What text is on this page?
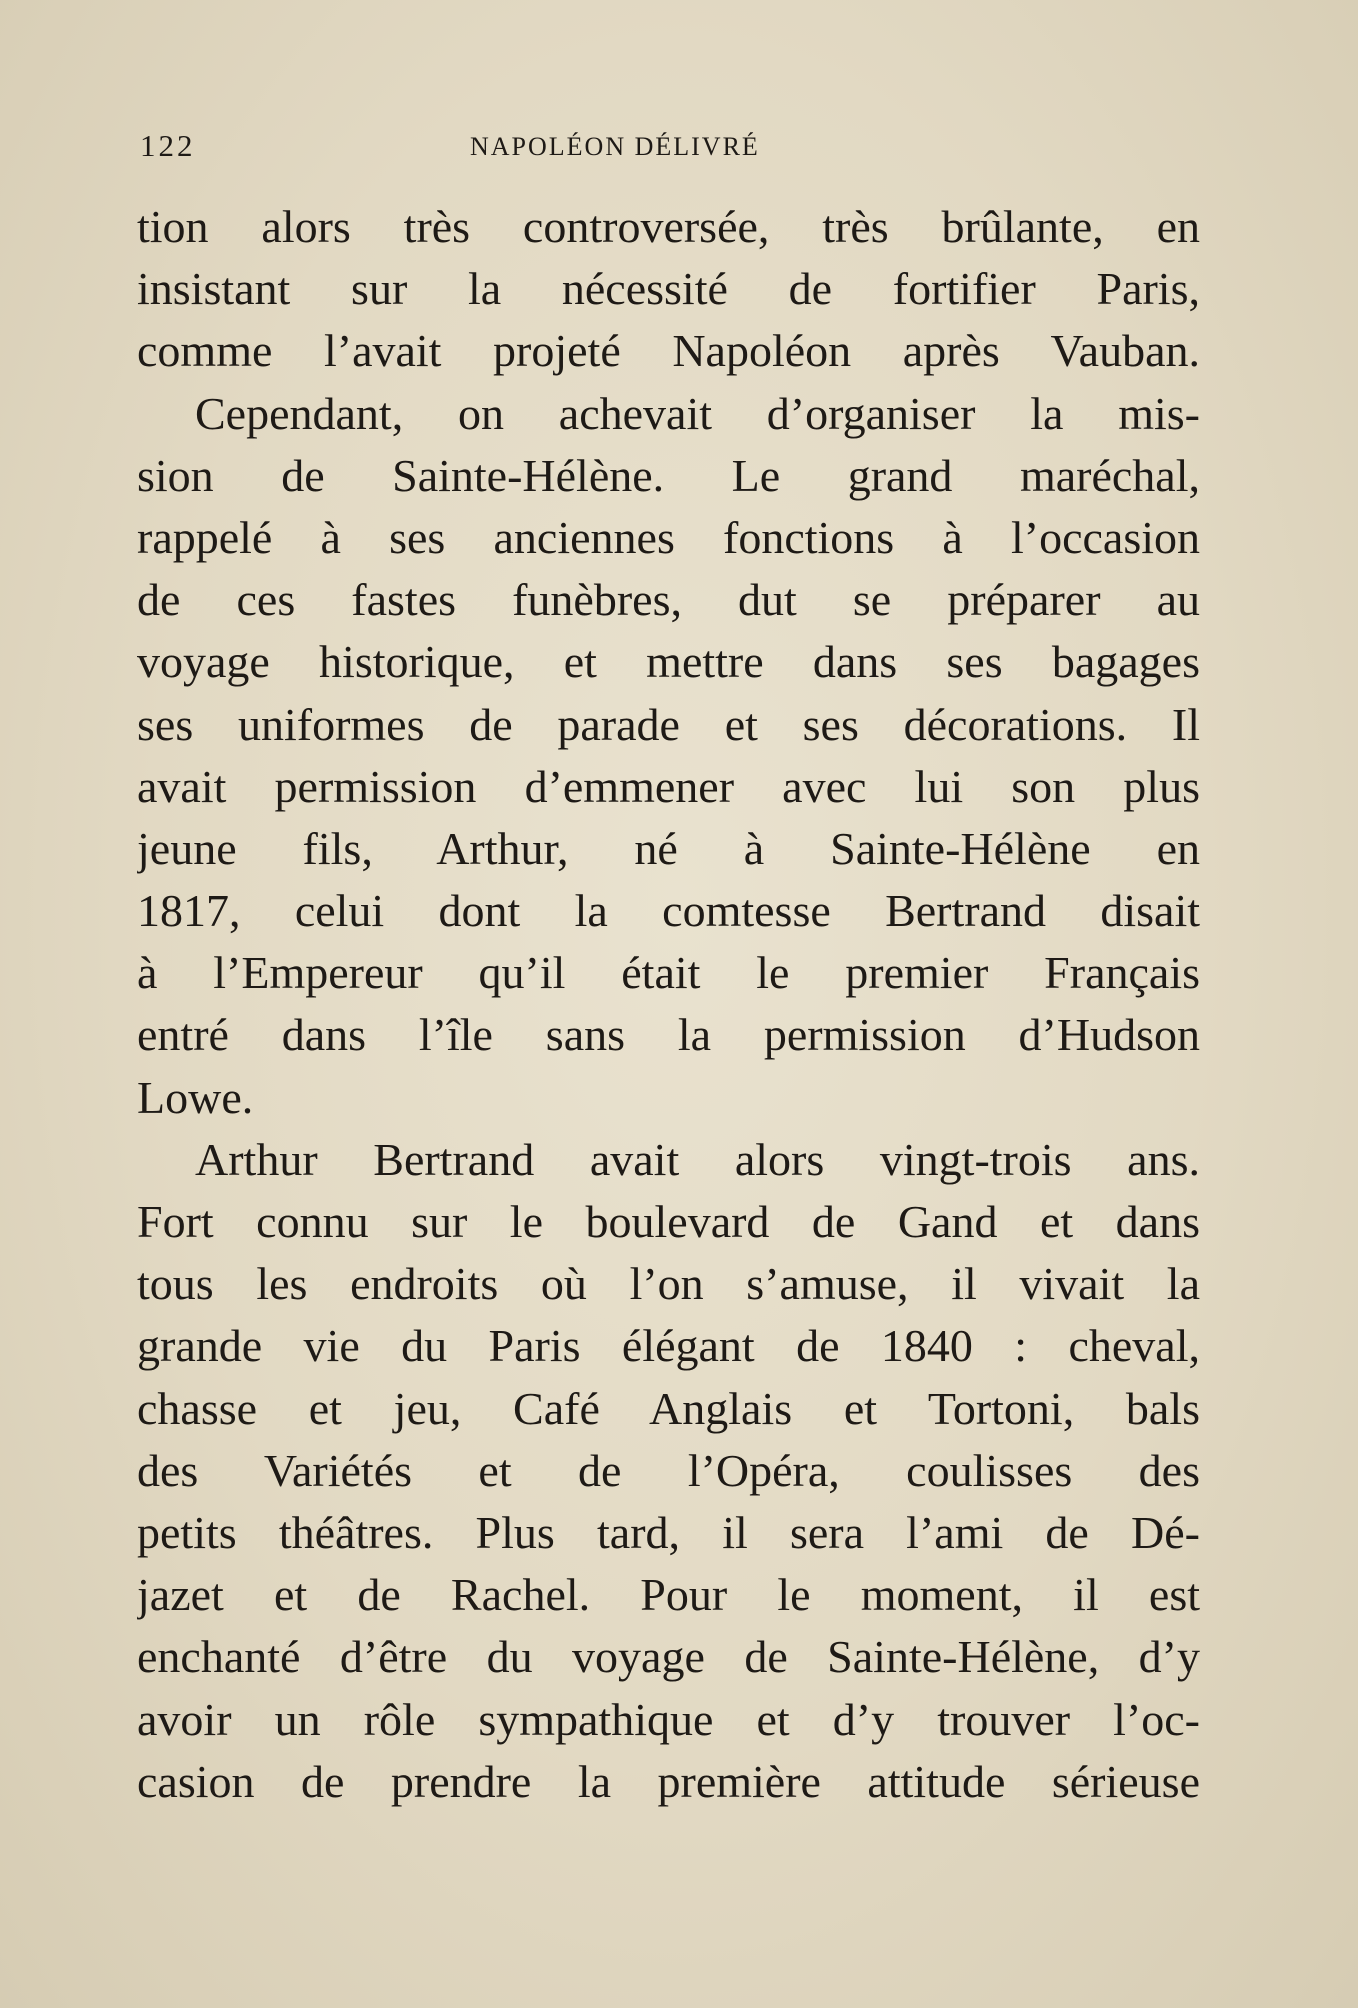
122	NAPOLÉON DÉLIVRÉ
tion alors très controversée, très brûlante, en
insistant sur la nécessité de fortifier Paris,
comme l’avait projeté Napoléon après Vauban.
Cependant, on achevait d’organiser la mis-
sion de Sainte-Hélène. Le grand maréchal,
rappelé à ses anciennes fonctions à l’occasion
de ces fastes funèbres, dut se préparer au
voyage historique, et mettre dans ses bagages
ses uniformes de parade et ses décorations. Il
avait permission d’emmener avec lui son plus
jeune fils, Arthur, né à Sainte-Hélène en
1817, celui dont la comtesse Bertrand disait
à l’Empereur qu’il était le premier Français
entré dans l’île sans la permission d’Hudson
Lowe.
Arthur Bertrand avait alors vingt-trois ans.
Fort connu sur le boulevard de Gand et dans
tous les endroits où l’on s’amuse, il vivait la
grande vie du Paris élégant de 1840 : cheval,
chasse et jeu, Café Anglais et Tortoni, bals
des Variétés et de l’Opéra, coulisses des
petits théâtres. Plus tard, il sera l’ami de Dé-
jazet et de Rachel. Pour le moment, il est
enchanté d’être du voyage de Sainte-Hélène, d’y
avoir un rôle sympathique et d’y trouver l’oc-
casion de prendre la première attitude sérieuse
